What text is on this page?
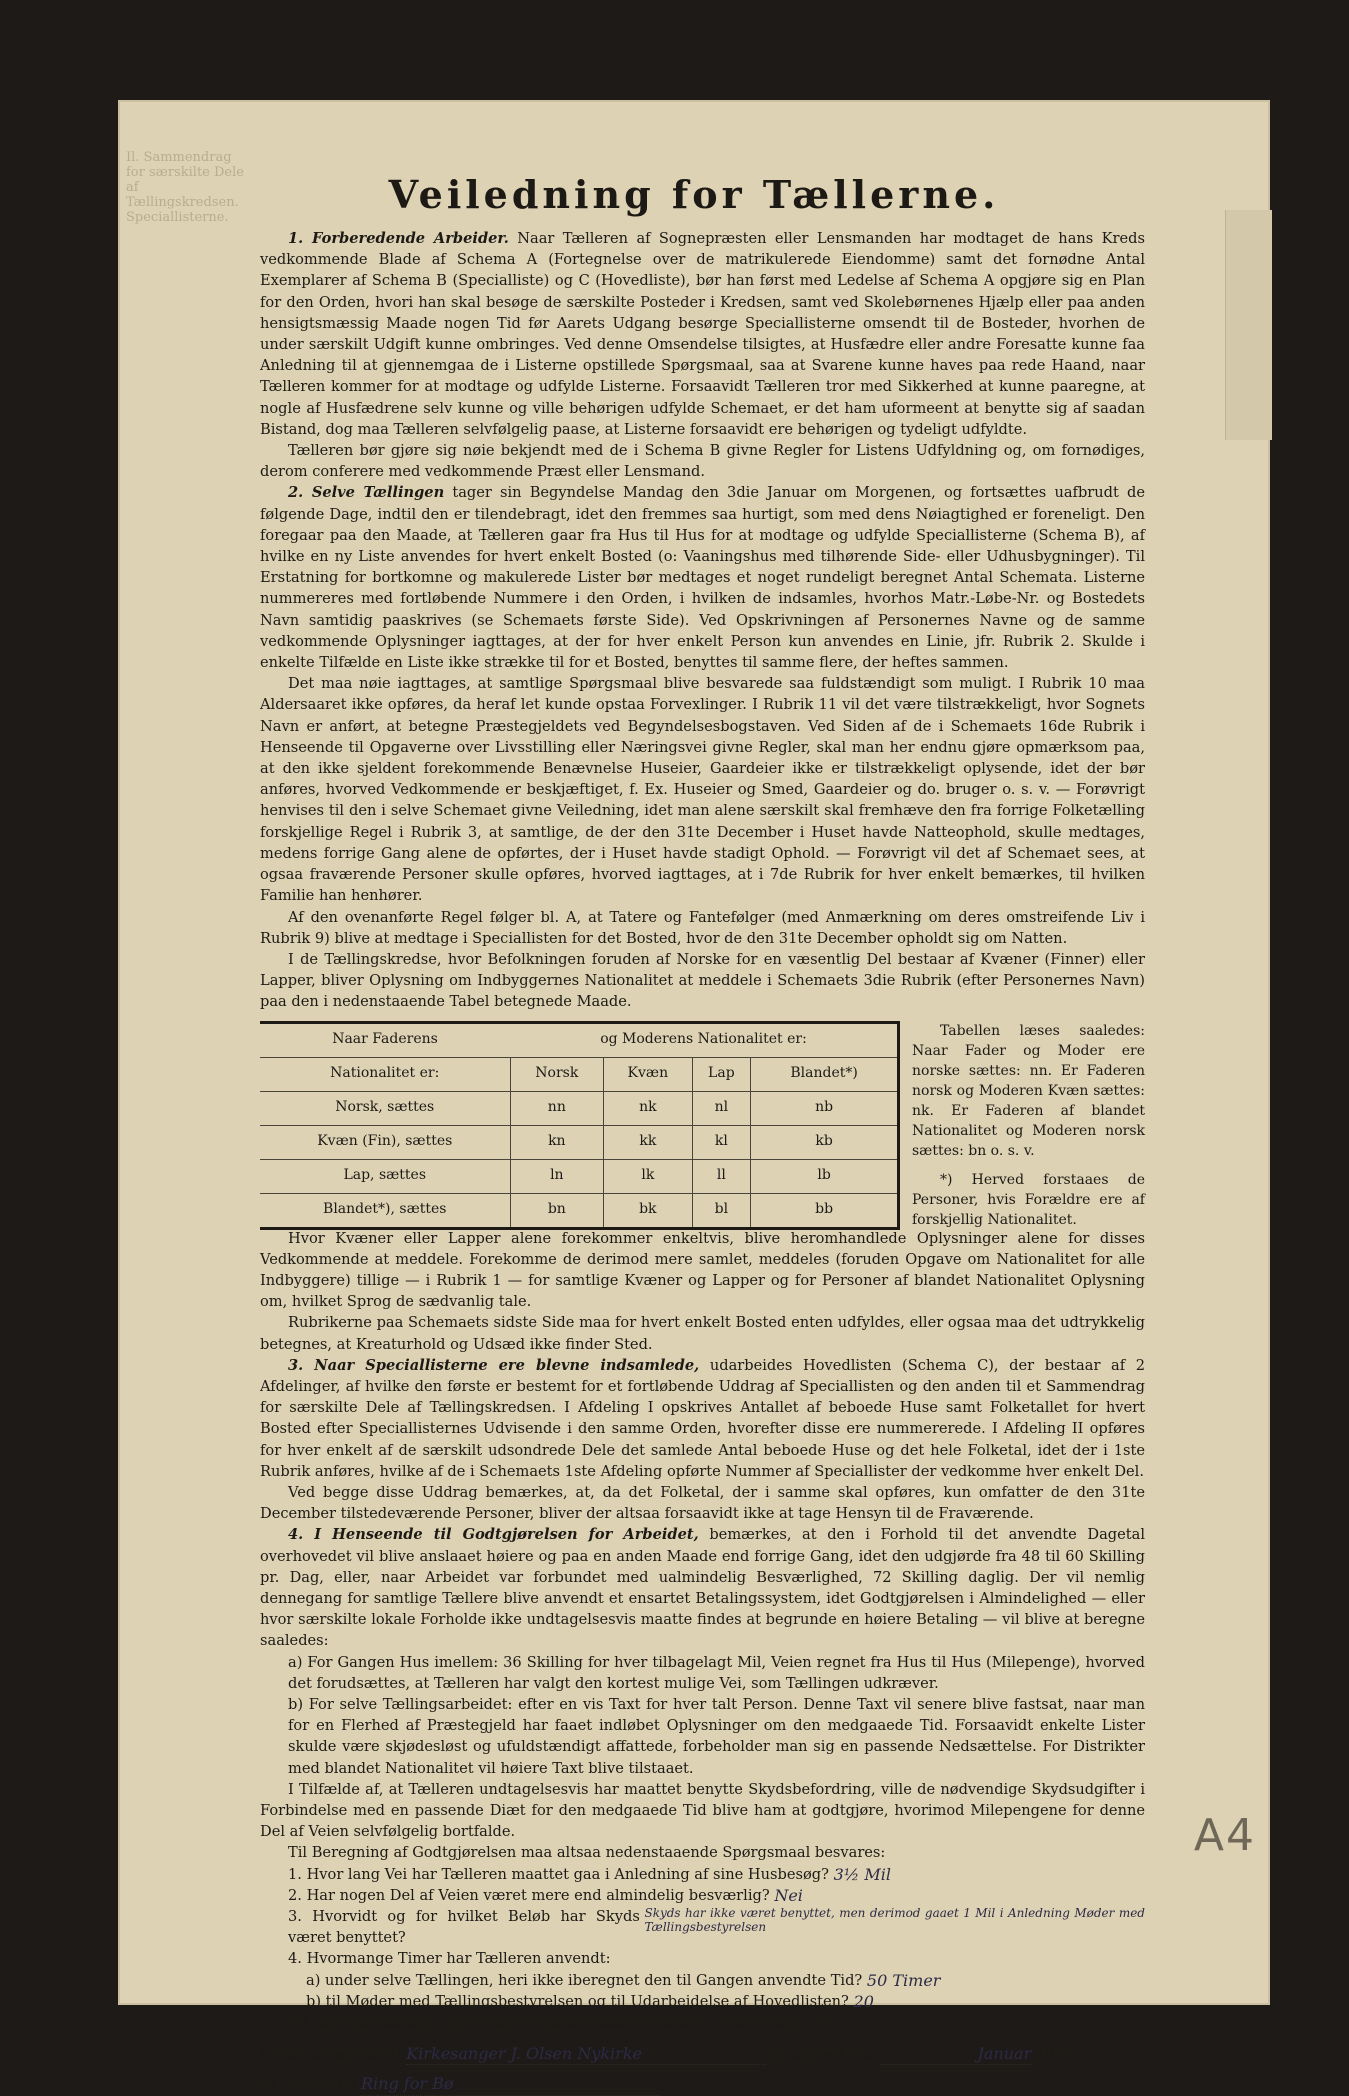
Il. Sammendrag for særskilte Dele af Tællingskredsen. Speciallisterne.
A4
Veiledning for Tællerne.

1. Forberedende Arbeider. Naar Tælleren af Sognepræsten eller Lensmanden har modtaget de hans Kreds vedkommende Blade af Schema A (Fortegnelse over de matrikulerede Eiendomme) samt det fornødne Antal Exemplarer af Schema B (Specialliste) og C (Hovedliste), bør han først med Ledelse af Schema A opgjøre sig en Plan for den Orden, hvori han skal besøge de særskilte Posteder i Kredsen, samt ved Skolebørnenes Hjælp eller paa anden hensigtsmæssig Maade nogen Tid før Aarets Udgang besørge Speciallisterne omsendt til de Bosteder, hvorhen de under særskilt Udgift kunne ombringes. Ved denne Omsendelse tilsigtes, at Husfædre eller andre Foresatte kunne faa Anledning til at gjennemgaa de i Listerne opstillede Spørgsmaal, saa at Svarene kunne haves paa rede Haand, naar Tælleren kommer for at modtage og udfylde Listerne. Forsaavidt Tælleren tror med Sikkerhed at kunne paaregne, at nogle af Husfædrene selv kunne og ville behørigen udfylde Schemaet, er det ham uformeent at benytte sig af saadan Bistand, dog maa Tælleren selvfølgelig paase, at Listerne forsaavidt ere behørigen og tydeligt udfyldte.

Tælleren bør gjøre sig nøie bekjendt med de i Schema B givne Regler for Listens Udfyldning og, om fornødiges, derom conferere med vedkommende Præst eller Lensmand.

2. Selve Tællingen tager sin Begyndelse Mandag den 3die Januar om Morgenen, og fortsættes uafbrudt de følgende Dage, indtil den er tilendebragt, idet den fremmes saa hurtigt, som med dens Nøiagtighed er foreneligt. Den foregaar paa den Maade, at Tælleren gaar fra Hus til Hus for at modtage og udfylde Speciallisterne (Schema B), af hvilke en ny Liste anvendes for hvert enkelt Bosted (o: Vaaningshus med tilhørende Side- eller Udhusbygninger). Til Erstatning for bortkomne og makulerede Lister bør medtages et noget rundeligt beregnet Antal Schemata. Listerne nummereres med fortløbende Nummere i den Orden, i hvilken de indsamles, hvorhos Matr.-Løbe-Nr. og Bostedets Navn samtidig paaskrives (se Schemaets første Side). Ved Opskrivningen af Personernes Navne og de samme vedkommende Oplysninger iagttages, at der for hver enkelt Person kun anvendes en Linie, jfr. Rubrik 2. Skulde i enkelte Tilfælde en Liste ikke strække til for et Bosted, benyttes til samme flere, der heftes sammen.

Det maa nøie iagttages, at samtlige Spørgsmaal blive besvarede saa fuldstændigt som muligt. I Rubrik 10 maa Aldersaaret ikke opføres, da heraf let kunde opstaa Forvexlinger. I Rubrik 11 vil det være tilstrækkeligt, hvor Sognets Navn er anført, at betegne Præstegjeldets ved Begyndelsesbogstaven. Ved Siden af de i Schemaets 16de Rubrik i Henseende til Opgaverne over Livsstilling eller Næringsvei givne Regler, skal man her endnu gjøre opmærksom paa, at den ikke sjeldent forekommende Benævnelse Huseier, Gaardeier ikke er tilstrækkeligt oplysende, idet der bør anføres, hvorved Vedkommende er beskjæftiget, f. Ex. Huseier og Smed, Gaardeier og do. bruger o. s. v. — Forøvrigt henvises til den i selve Schemaet givne Veiledning, idet man alene særskilt skal fremhæve den fra forrige Folketælling forskjellige Regel i Rubrik 3, at samtlige, de der den 31te December i Huset havde Natteophold, skulle medtages, medens forrige Gang alene de opførtes, der i Huset havde stadigt Ophold. — Forøvrigt vil det af Schemaet sees, at ogsaa fraværende Personer skulle opføres, hvorved iagttages, at i 7de Rubrik for hver enkelt bemærkes, til hvilken Familie han henhører.

Af den ovenanførte Regel følger bl. A, at Tatere og Fantefølger (med Anmærkning om deres omstreifende Liv i Rubrik 9) blive at medtage i Speciallisten for det Bosted, hvor de den 31te December opholdt sig om Natten.

I de Tællingskredse, hvor Befolkningen foruden af Norske for en væsentlig Del bestaar af Kvæner (Finner) eller Lapper, bliver Oplysning om Indbyggernes Nationalitet at meddele i Schemaets 3die Rubrik (efter Personernes Navn) paa den i nedenstaaende Tabel betegnede Maade.

Naar Faderens	og Moderens Nationalitet er:			
Nationalitet er:	Norsk	Kvæn	Lap	Blandet*)
Norsk, sættes	nn	nk	nl	nb
Kvæn (Fin), sættes	kn	kk	kl	kb
Lap, sættes	ln	lk	ll	lb
Blandet*), sættes	bn	bk	bl	bb

Tabellen læses saaledes: Naar Fader og Moder ere norske sættes: nn. Er Faderen norsk og Moderen Kvæn sættes: nk. Er Faderen af blandet Nationalitet og Moderen norsk sættes: bn o. s. v.

*) Herved forstaaes de Personer, hvis Forældre ere af forskjellig Nationalitet.

Hvor Kvæner eller Lapper alene forekommer enkeltvis, blive heromhandlede Oplysninger alene for disses Vedkommende at meddele. Forekomme de derimod mere samlet, meddeles (foruden Opgave om Nationalitet for alle Indbyggere) tillige — i Rubrik 1 — for samtlige Kvæner og Lapper og for Personer af blandet Nationalitet Oplysning om, hvilket Sprog de sædvanlig tale.

Rubrikerne paa Schemaets sidste Side maa for hvert enkelt Bosted enten udfyldes, eller ogsaa maa det udtrykkelig betegnes, at Kreaturhold og Udsæd ikke finder Sted.

3. Naar Speciallisterne ere blevne indsamlede, udarbeides Hovedlisten (Schema C), der bestaar af 2 Afdelinger, af hvilke den første er bestemt for et fortløbende Uddrag af Speciallisten og den anden til et Sammendrag for særskilte Dele af Tællingskredsen. I Afdeling I opskrives Antallet af beboede Huse samt Folketallet for hvert Bosted efter Speciallisternes Udvisende i den samme Orden, hvorefter disse ere nummererede. I Afdeling II opføres for hver enkelt af de særskilt udsondrede Dele det samlede Antal beboede Huse og det hele Folketal, idet der i 1ste Rubrik anføres, hvilke af de i Schemaets 1ste Afdeling opførte Nummer af Speciallister der vedkomme hver enkelt Del.

Ved begge disse Uddrag bemærkes, at, da det Folketal, der i samme skal opføres, kun omfatter de den 31te December tilstedeværende Personer, bliver der altsaa forsaavidt ikke at tage Hensyn til de Fraværende.

4. I Henseende til Godtgjørelsen for Arbeidet, bemærkes, at den i Forhold til det anvendte Dagetal overhovedet vil blive anslaaet høiere og paa en anden Maade end forrige Gang, idet den udgjørde fra 48 til 60 Skilling pr. Dag, eller, naar Arbeidet var forbundet med ualmindelig Besværlighed, 72 Skilling daglig. Der vil nemlig dennegang for samtlige Tællere blive anvendt et ensartet Betalingssystem, idet Godtgjørelsen i Almindelighed — eller hvor særskilte lokale Forholde ikke undtagelsesvis maatte findes at begrunde en høiere Betaling — vil blive at beregne saaledes:

a) For Gangen Hus imellem: 36 Skilling for hver tilbagelagt Mil, Veien regnet fra Hus til Hus (Milepenge), hvorved det forudsættes, at Tælleren har valgt den kortest mulige Vei, som Tællingen udkræver.

b) For selve Tællingsarbeidet: efter en vis Taxt for hver talt Person. Denne Taxt vil senere blive fastsat, naar man for en Flerhed af Præstegjeld har faaet indløbet Oplysninger om den medgaaede Tid. Forsaavidt enkelte Lister skulde være skjødesløst og ufuldstændigt affattede, forbeholder man sig en passende Nedsættelse. For Distrikter med blandet Nationalitet vil høiere Taxt blive tilstaaet.

I Tilfælde af, at Tælleren undtagelsesvis har maattet benytte Skydsbefordring, ville de nødvendige Skydsudgifter i Forbindelse med en passende Diæt for den medgaaede Tid blive ham at godtgjøre, hvorimod Milepengene for denne Del af Veien selvfølgelig bortfalde.

Til Beregning af Godtgjørelsen maa altsaa nedenstaaende Spørgsmaal besvares:

1. Hvor lang Vei har Tælleren maattet gaa i Anledning af sine Husbesøg?
3½ Mil
2. Har nogen Del af Veien været mere end almindelig besværlig?
Nei
3. Hvorvidt og for hvilket Beløb har Skyds været benyttet?

Skyds har ikke været benyttet, men derimod gaaet 1 Mil i Anledning Møder med Tællingsbestyrelsen
4. Hvormange Timer har Tælleren anvendt:
a) under selve Tællingen, heri ikke iberegnet den til Gangen anvendte Tid?
50 Timer
b) til Møder med Tællingsbestyrelsen og til Udarbeidelse af Hovedlisten?
20

Til Lettelse ved Regningernes Expedition bedes Svarene nedtegnede her.

Listen er udfyldt af Kirkesanger J. Olsen Nykirke	og afgivet den	Januar 1876
til Lensmand Ring for Bø
